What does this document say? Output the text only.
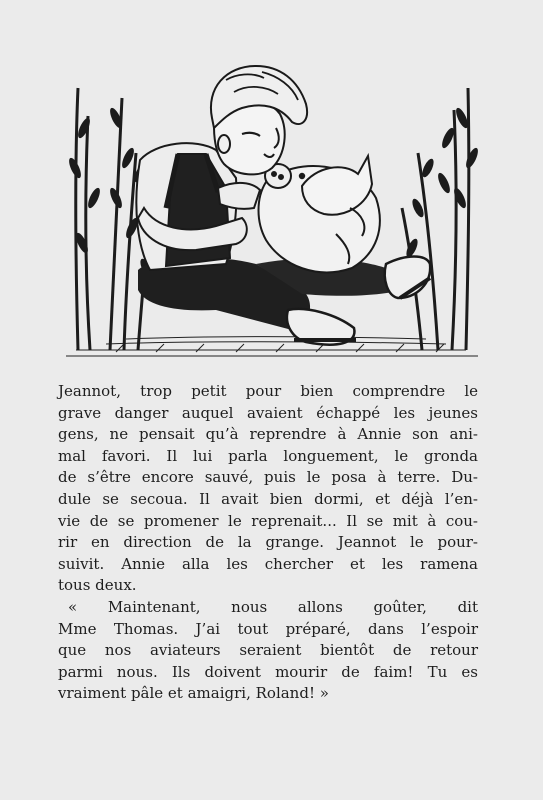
Jeannot, trop petit pour bien comprendre le
grave danger auquel avaient échappé les jeunes
gens, ne pensait qu’à reprendre à Annie son ani-
mal favori. Il lui parla longuement, le gronda
de s’être encore sauvé, puis le posa à terre. Du-
dule se secoua. Il avait bien dormi, et déjà l’en-
vie de se promener le reprenait... Il se mit à cou-
rir en direction de la grange. Jeannot le pour-
suivit. Annie alla les chercher et les ramena
tous deux.
« Maintenant, nous allons goûter, dit
Mme Thomas. J’ai tout préparé, dans l’espoir
que nos aviateurs seraient bientôt de retour
parmi nous. Ils doivent mourir de faim! Tu es
vraiment pâle et amaigri, Roland! »
